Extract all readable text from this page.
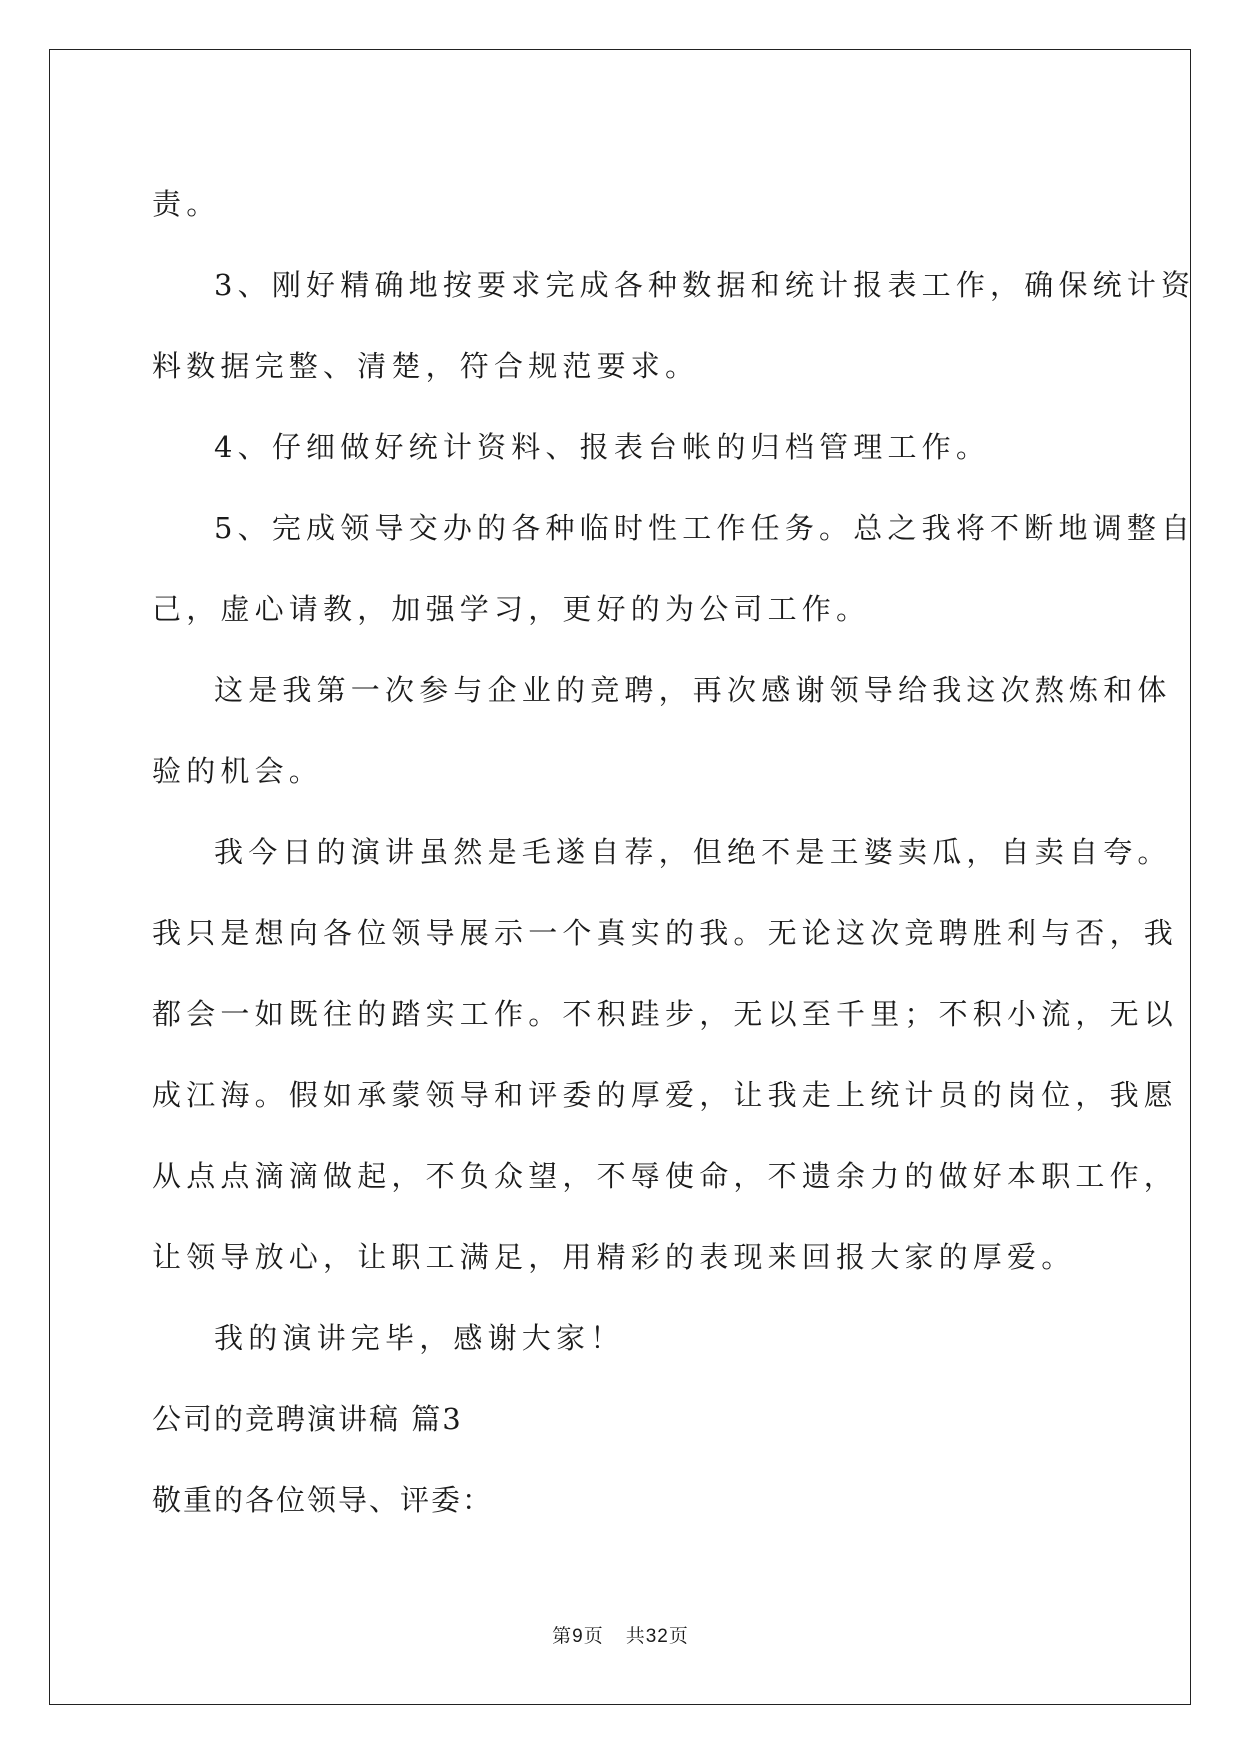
责。
3、刚好精确地按要求完成各种数据和统计报表工作，确保统计资
料数据完整、清楚，符合规范要求。
4、仔细做好统计资料、报表台帐的归档管理工作。
5、完成领导交办的各种临时性工作任务。总之我将不断地调整自
己，虚心请教，加强学习，更好的为公司工作。
这是我第一次参与企业的竞聘，再次感谢领导给我这次熬炼和体
验的机会。
我今日的演讲虽然是毛遂自荐，但绝不是王婆卖瓜，自卖自夸。
我只是想向各位领导展示一个真实的我。无论这次竞聘胜利与否，我
都会一如既往的踏实工作。不积跬步，无以至千里；不积小流，无以
成江海。假如承蒙领导和评委的厚爱，让我走上统计员的岗位，我愿
从点点滴滴做起，不负众望，不辱使命，不遗余力的做好本职工作，
让领导放心，让职工满足，用精彩的表现来回报大家的厚爱。
我的演讲完毕，感谢大家！
公司的竞聘演讲稿 篇3
敬重的各位领导、评委：
第9页 共32页
